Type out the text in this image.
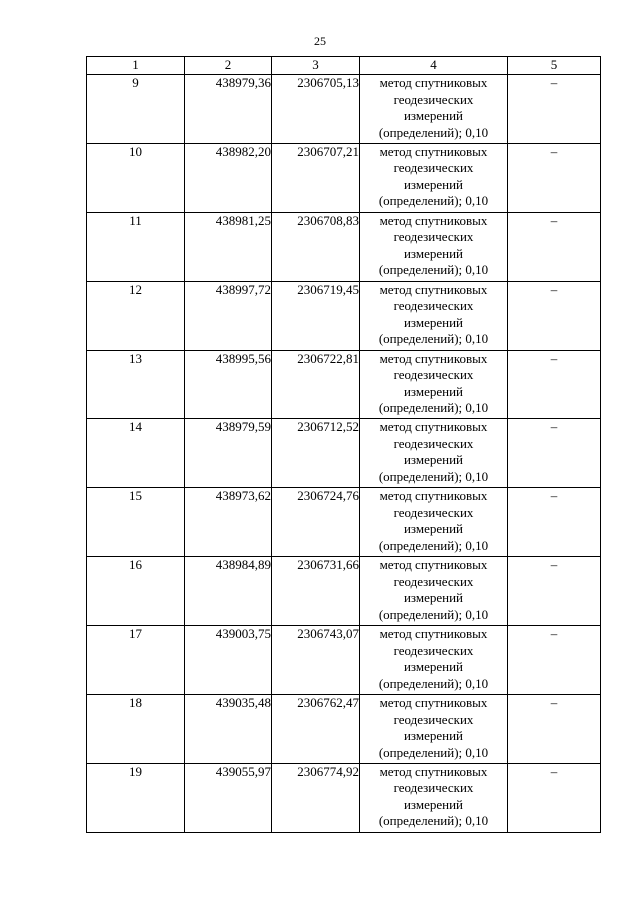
25
1	2	3	4	5
9	438979,36	2306705,13	метод спутниковых
геодезических
измерений
(определений); 0,10	–
10	438982,20	2306707,21	метод спутниковых
геодезических
измерений
(определений); 0,10	–
11	438981,25	2306708,83	метод спутниковых
геодезических
измерений
(определений); 0,10	–
12	438997,72	2306719,45	метод спутниковых
геодезических
измерений
(определений); 0,10	–
13	438995,56	2306722,81	метод спутниковых
геодезических
измерений
(определений); 0,10	–
14	438979,59	2306712,52	метод спутниковых
геодезических
измерений
(определений); 0,10	–
15	438973,62	2306724,76	метод спутниковых
геодезических
измерений
(определений); 0,10	–
16	438984,89	2306731,66	метод спутниковых
геодезических
измерений
(определений); 0,10	–
17	439003,75	2306743,07	метод спутниковых
геодезических
измерений
(определений); 0,10	–
18	439035,48	2306762,47	метод спутниковых
геодезических
измерений
(определений); 0,10	–
19	439055,97	2306774,92	метод спутниковых
геодезических
измерений
(определений); 0,10	–
